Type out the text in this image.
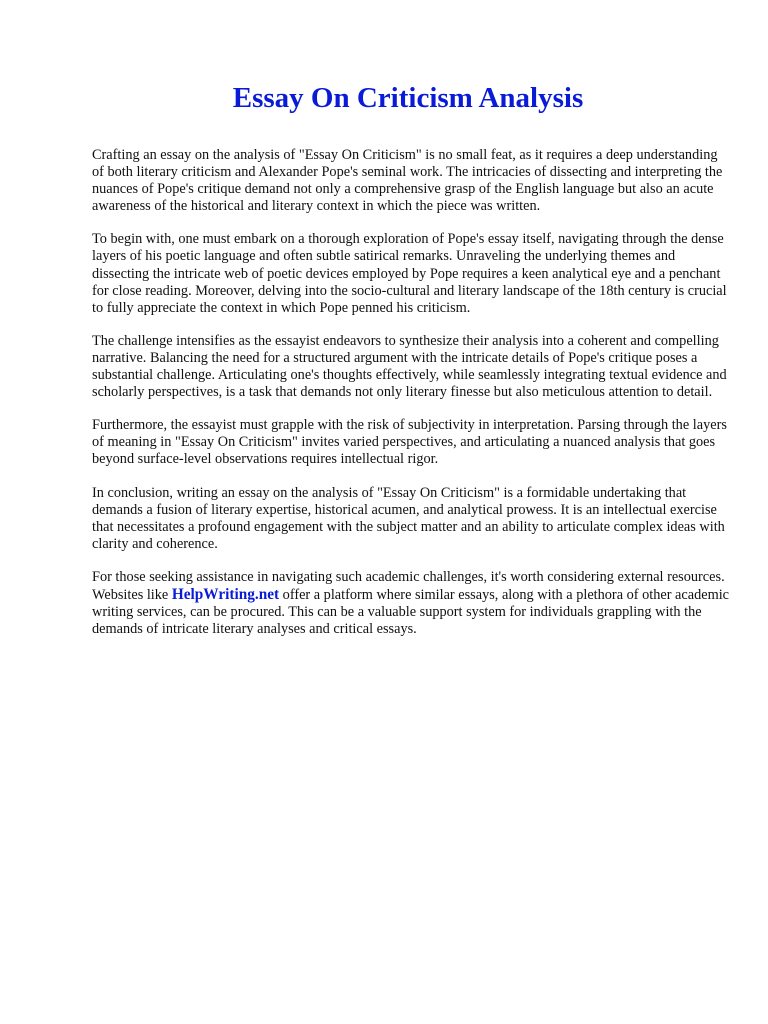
Essay On Criticism Analysis

Crafting an essay on the analysis of "Essay On Criticism" is no small feat, as it requires a deep understanding of both literary criticism and Alexander Pope's seminal work. The intricacies of dissecting and interpreting the nuances of Pope's critique demand not only a comprehensive grasp of the English language but also an acute awareness of the historical and literary context in which the piece was written.

To begin with, one must embark on a thorough exploration of Pope's essay itself, navigating through the dense layers of his poetic language and often subtle satirical remarks. Unraveling the underlying themes and dissecting the intricate web of poetic devices employed by Pope requires a keen analytical eye and a penchant for close reading. Moreover, delving into the socio-cultural and literary landscape of the 18th century is crucial to fully appreciate the context in which Pope penned his criticism.

The challenge intensifies as the essayist endeavors to synthesize their analysis into a coherent and compelling narrative. Balancing the need for a structured argument with the intricate details of Pope's critique poses a substantial challenge. Articulating one's thoughts effectively, while seamlessly integrating textual evidence and scholarly perspectives, is a task that demands not only literary finesse but also meticulous attention to detail.

Furthermore, the essayist must grapple with the risk of subjectivity in interpretation. Parsing through the layers of meaning in "Essay On Criticism" invites varied perspectives, and articulating a nuanced analysis that goes beyond surface-level observations requires intellectual rigor.

In conclusion, writing an essay on the analysis of "Essay On Criticism" is a formidable undertaking that demands a fusion of literary expertise, historical acumen, and analytical prowess. It is an intellectual exercise that necessitates a profound engagement with the subject matter and an ability to articulate complex ideas with clarity and coherence.

For those seeking assistance in navigating such academic challenges, it's worth considering external resources. Websites like HelpWriting.net offer a platform where similar essays, along with a plethora of other academic writing services, can be procured. This can be a valuable support system for individuals grappling with the demands of intricate literary analyses and critical essays.
